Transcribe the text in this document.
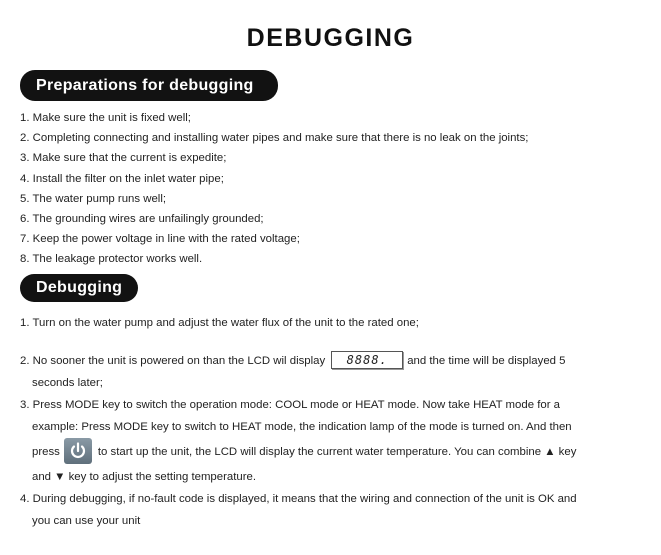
DEBUGGING
Preparations for debugging
1. Make sure the unit is fixed well;
2. Completing connecting and installing water pipes and make sure that there is no leak on the joints;
3. Make sure that the current is expedite;
4. Install the filter on the inlet water pipe;
5. The water pump runs well;
6. The grounding wires are unfailingly grounded;
7. Keep the power voltage in line with the rated voltage;
8. The leakage protector works well.
Debugging
1. Turn on the water pump and adjust the water flux of the unit to the rated one;
2. No sooner the unit is powered on than the LCD wil display 8888. and the time will be displayed 5
seconds later;
3. Press MODE key to switch the operation mode: COOL mode or HEAT mode. Now take HEAT mode for a
example: Press MODE key to switch to HEAT mode, the indication lamp of the mode is turned on. And then
press	to start up the unit, the LCD will display the current water temperature. You can combine ▲ key
and ▼ key to adjust the setting temperature.
4. During debugging, if no-fault code is displayed, it means that the wiring and connection of the unit is OK and
you can use your unit
